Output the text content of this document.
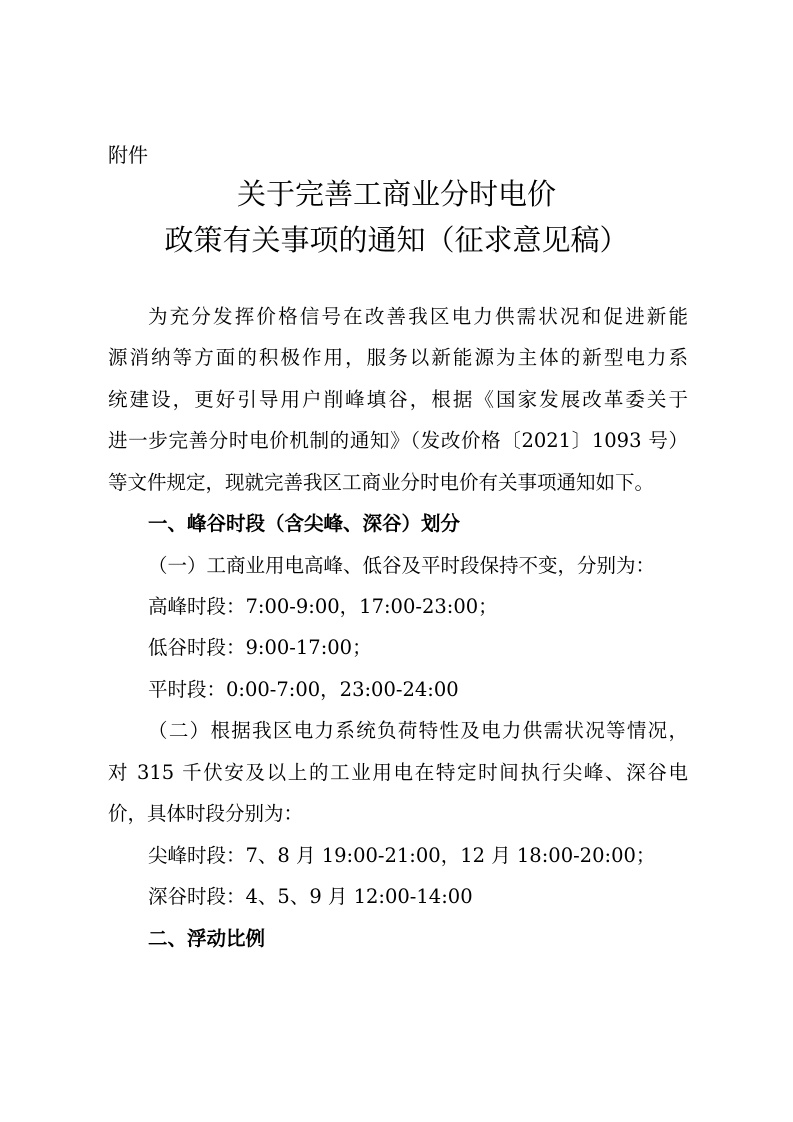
附件
关于完善工商业分时电价
政策有关事项的通知（征求意见稿）
为充分发挥价格信号在改善我区电力供需状况和促进新能
源消纳等方面的积极作用，服务以新能源为主体的新型电力系
统建设，更好引导用户削峰填谷，根据《国家发展改革委关于
进一步完善分时电价机制的通知》（发改价格〔2021〕1093 号）
等文件规定，现就完善我区工商业分时电价有关事项通知如下。
一、峰谷时段（含尖峰、深谷）划分
（一）工商业用电高峰、低谷及平时段保持不变，分别为：
高峰时段：7:00-9:00，17:00-23:00；
低谷时段：9:00-17:00；
平时段：0:00-7:00，23:00-24:00
（二）根据我区电力系统负荷特性及电力供需状况等情况，
对 315 千伏安及以上的工业用电在特定时间执行尖峰、深谷电
价，具体时段分别为：
尖峰时段：7、8 月 19:00-21:00，12 月 18:00-20:00；
深谷时段：4、5、9 月 12:00-14:00
二、浮动比例
